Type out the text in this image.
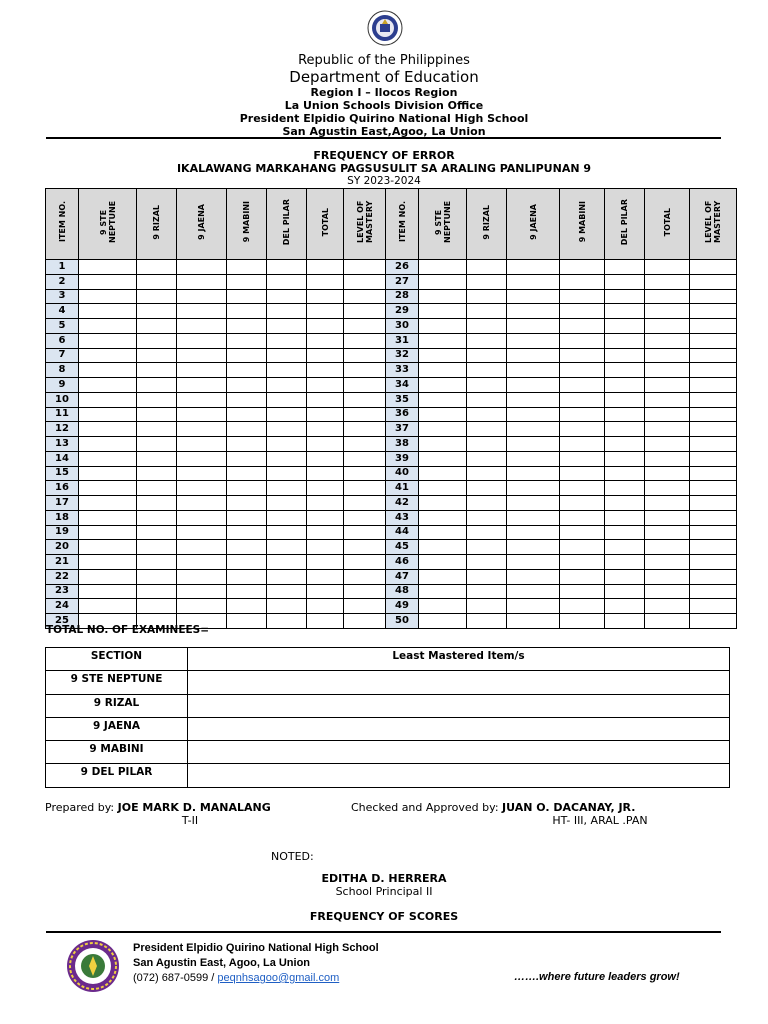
Republic of the Philippines
Department of Education
Region I – Ilocos Region
La Union Schools Division Office
President Elpidio Quirino National High School
San Agustin East,Agoo, La Union
FREQUENCY OF ERROR
IKALAWANG MARKAHANG PAGSUSULIT SA ARALING PANLIPUNAN 9
SY 2023-2024
ITEM NO.	9 STE NEPTUNE	9 RIZAL	9 JAENA	9 MABINI	DEL PILAR	TOTAL	LEVEL OF MASTERY	ITEM NO.	9 STE NEPTUNE	9 RIZAL	9 JAENA	9 MABINI	DEL PILAR	TOTAL	LEVEL OF MASTERY
1								26							
2								27							
3								28							
4								29							
5								30							
6								31							
7								32							
8								33							
9								34							
10								35							
11								36							
12								37							
13								38							
14								39							
15								40							
16								41							
17								42							
18								43							
19								44							
20								45							
21								46							
22								47							
23								48							
24								49							
25								50							
TOTAL NO. OF EXAMINEES=
SECTION	Least Mastered Item/s
9 STE NEPTUNE	
9 RIZAL	
9 JAENA	
9 MABINI	
9 DEL PILAR	
Prepared by: JOE MARK D. MANALANG
T-II
Checked and Approved by: JUAN O. DACANAY, JR.
HT- III, ARAL .PAN
NOTED:
EDITHA D. HERRERA
School Principal II
FREQUENCY OF SCORES
President Elpidio Quirino National High School
San Agustin East, Agoo, La Union
(072) 687-0599 / peqnhsagoo@gmail.com	…….where future leaders grow!
